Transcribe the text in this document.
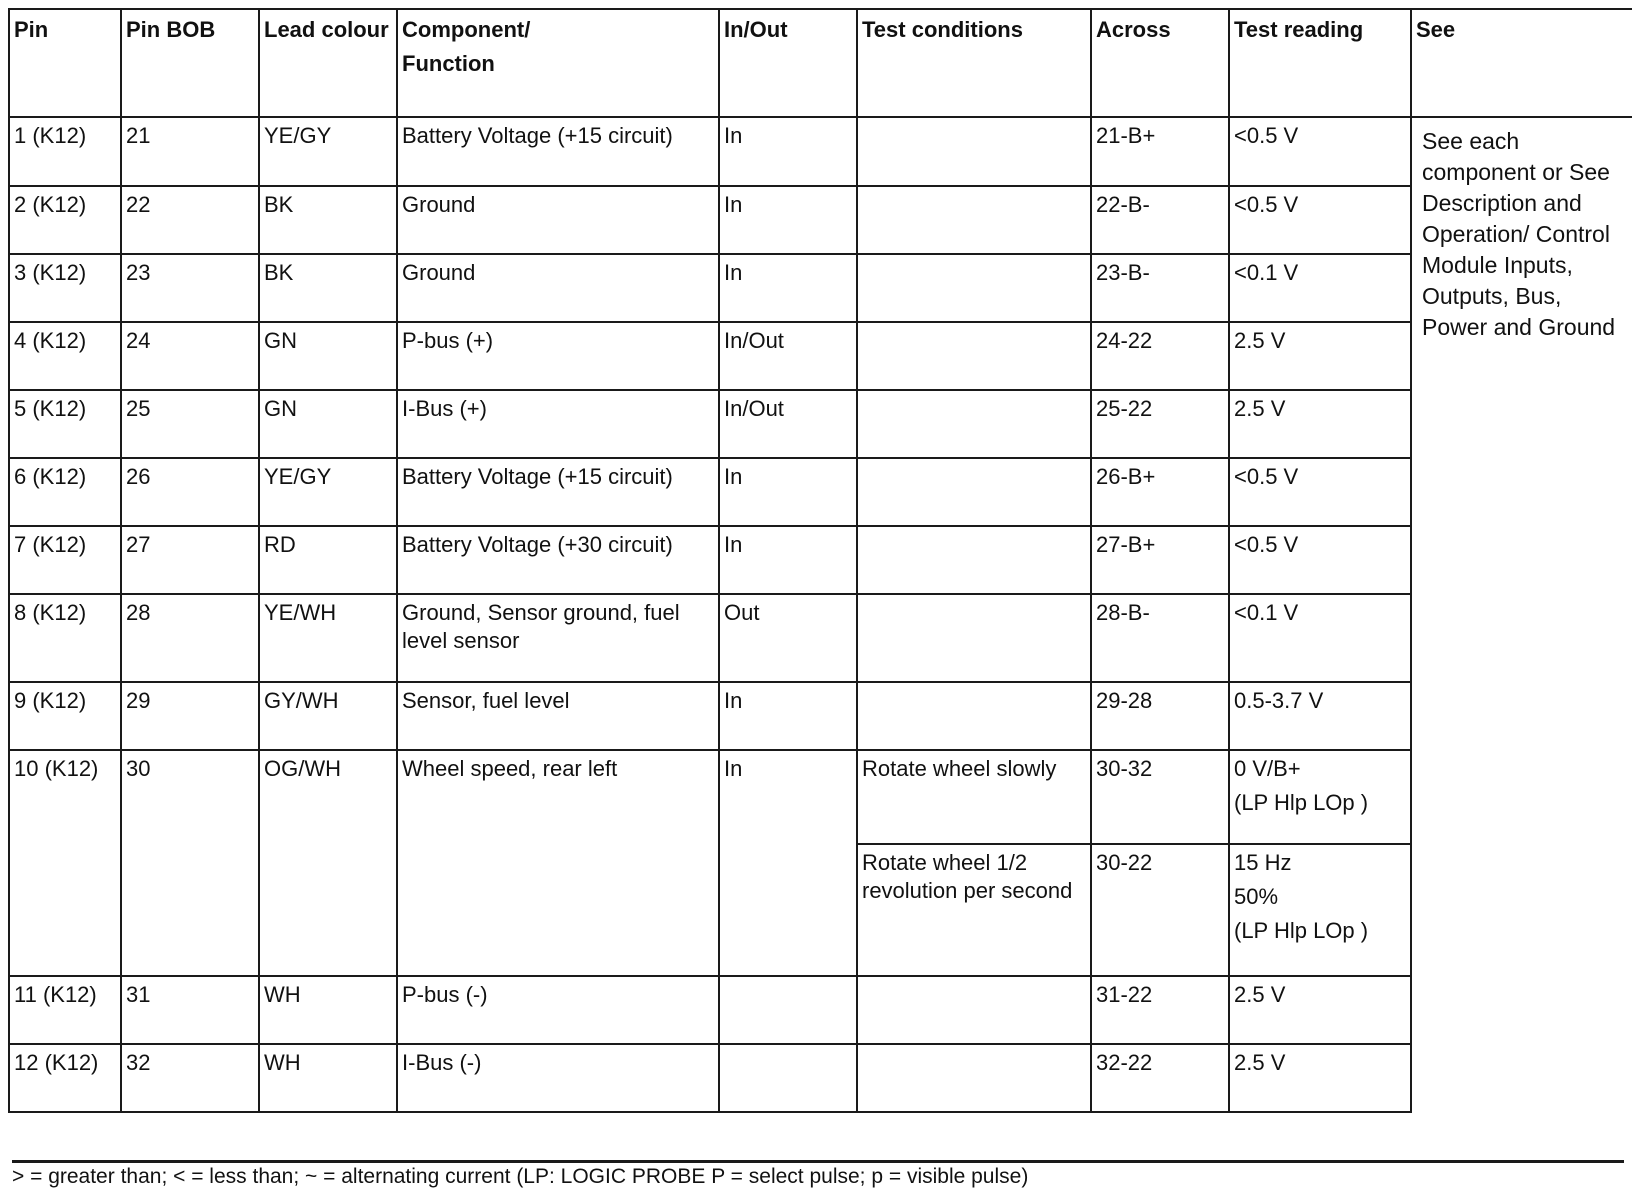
Pin	Pin BOB	Lead colour	Component/
Function	In/Out	Test conditions	Across	Test reading	See
1 (K12)	21	YE/GY	Battery Voltage (+15 circuit)	In		21-B+	<0.5 V	See each component or See Description and Operation/ Control Module Inputs, Outputs, Bus, Power and Ground

2 (K12)	22	BK	Ground	In		22-B-	<0.5 V	
3 (K12)	23	BK	Ground	In		23-B-	<0.1 V	
4 (K12)	24	GN	P-bus (+)	In/Out		24-22	2.5 V	
5 (K12)	25	GN	I-Bus (+)	In/Out		25-22	2.5 V	
6 (K12)	26	YE/GY	Battery Voltage (+15 circuit)	In		26-B+	<0.5 V	
7 (K12)	27	RD	Battery Voltage (+30 circuit)	In		27-B+	<0.5 V	
8 (K12)	28	YE/WH	Ground, Sensor ground, fuel level sensor	Out		28-B-	<0.1 V	
9 (K12)	29	GY/WH	Sensor, fuel level	In		29-28	0.5-3.7 V	
10 (K12)	30	OG/WH	Wheel speed, rear left	In	Rotate wheel slowly	30-32	0 V/B+
(LP Hlp LOp )	

					Rotate wheel 1/2 revolution per second	30-22	15 Hz
50%
(LP Hlp LOp )	

11 (K12)	31	WH	P-bus (-)			31-22	2.5 V	
12 (K12)	32	WH	I-Bus (-)			32-22	2.5 V	
> = greater than; < = less than; ~ = alternating current (LP: LOGIC PROBE P = select pulse; p = visible pulse)
